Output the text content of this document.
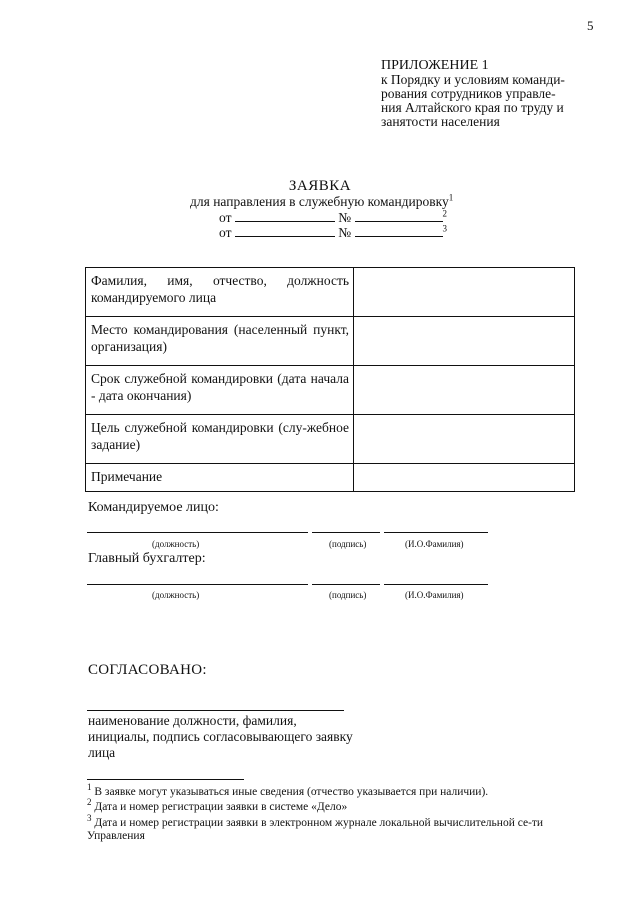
5
ПРИЛОЖЕНИЕ 1
к Порядку и условиям команди-
рования сотрудников управле-
ния Алтайского края по труду и
занятости населения
ЗАЯВКА
для направления в служебную командировку$^1$
от	№	$^2$
от	№	$^3$
Фамилия, имя, отчество, должность командируемого лица	
Место командирования (населенный пункт, организация)	
Срок служебной командировки (дата начала - дата окончания)	
Цель служебной командировки (слу-жебное задание)	
Примечание	
Командируемое лицо:
(должность)	(подпись)	(И.О.Фамилия)
Главный бухгалтер:
(должность)	(подпись)	(И.О.Фамилия)
СОГЛАСОВАНО:
наименование должности, фамилия, инициалы, подпись согласовывающего заявку лица
$^1$ В заявке могут указываться иные сведения (отчество указывается при наличии).
$^2$ Дата и номер регистрации заявки в системе «Дело»
$^3$ Дата и номер регистрации заявки в электронном журнале локальной вычислительной се-ти Управления
